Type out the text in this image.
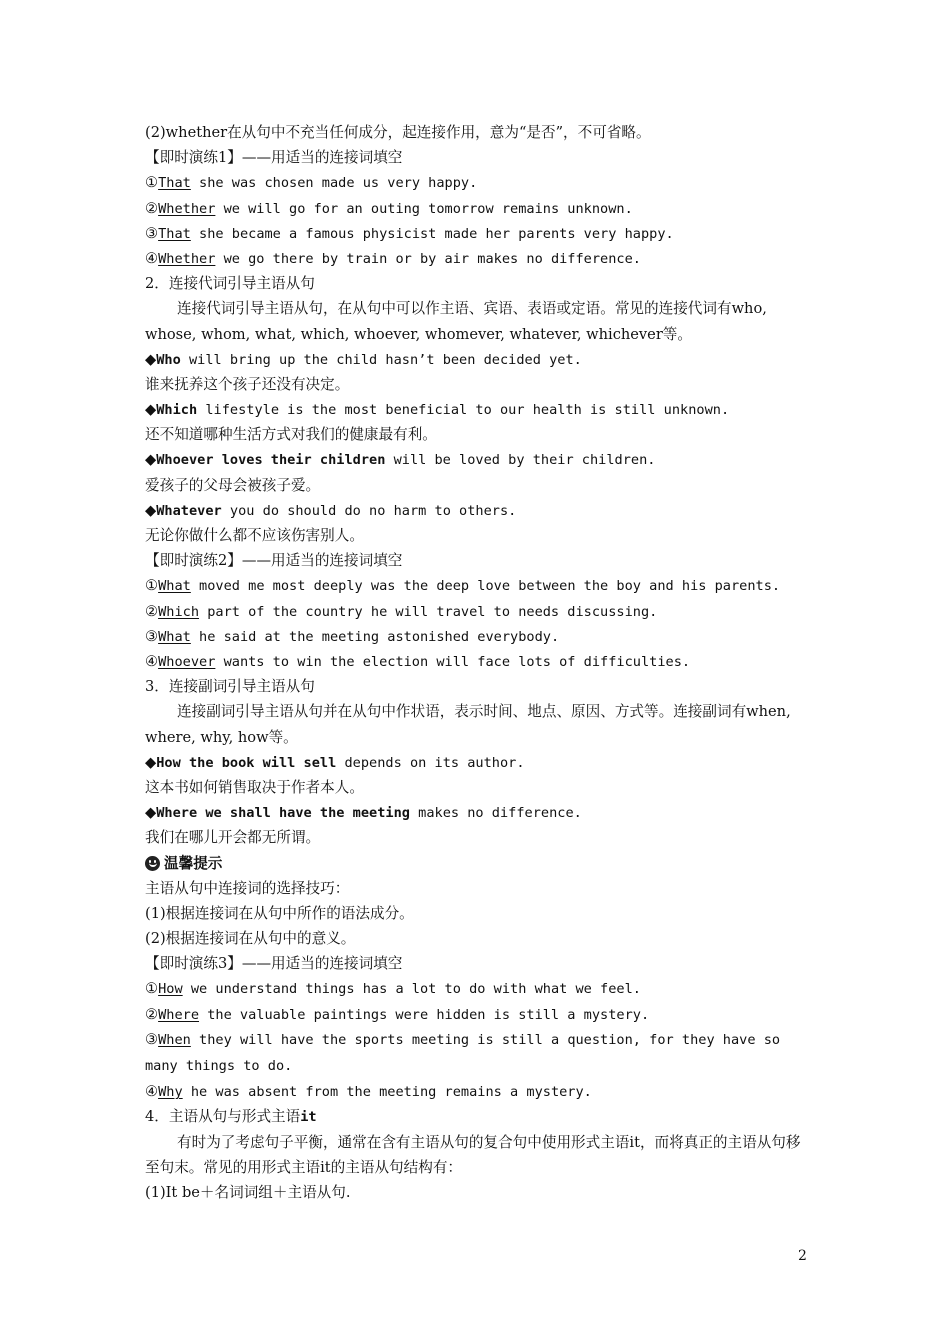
(2)whether在从句中不充当任何成分，起连接作用，意为“是否”，不可省略。
【即时演练1】——用适当的连接词填空
①That she was chosen made us very happy.
②Whether we will go for an outing tomorrow remains unknown.
③That she became a famous physicist made her parents very happy.
④Whether we go there by train or by air makes no difference.
2．连接代词引导主语从句
连接代词引导主语从句，在从句中可以作主语、宾语、表语或定语。常见的连接代词有who, whose, whom, what, which, whoever, whomever, whatever, whichever等。
◆Who will bring up the child hasn’t been decided yet.
谁来抚养这个孩子还没有决定。
◆Which lifestyle is the most beneficial to our health is still unknown.
还不知道哪种生活方式对我们的健康最有利。
◆Whoever loves their children will be loved by their children.
爱孩子的父母会被孩子爱。
◆Whatever you do should do no harm to others.
无论你做什么都不应该伤害别人。
【即时演练2】——用适当的连接词填空
①What moved me most deeply was the deep love between the boy and his parents.
②Which part of the country he will travel to needs discussing.
③What he said at the meeting astonished everybody.
④Whoever wants to win the election will face lots of difficulties.
3．连接副词引导主语从句
连接副词引导主语从句并在从句中作状语，表示时间、地点、原因、方式等。连接副词有when, where, why, how等。
◆How the book will sell depends on its author.
这本书如何销售取决于作者本人。
◆Where we shall have the meeting makes no difference.
我们在哪儿开会都无所谓。
温馨提示
主语从句中连接词的选择技巧：
(1)根据连接词在从句中所作的语法成分。
(2)根据连接词在从句中的意义。
【即时演练3】——用适当的连接词填空
①How we understand things has a lot to do with what we feel.
②Where the valuable paintings were hidden is still a mystery.
③When they will have the sports meeting is still a question, for they have so many things to do.
④Why he was absent from the meeting remains a mystery.
4．主语从句与形式主语it
有时为了考虑句子平衡，通常在含有主语从句的复合句中使用形式主语it，而将真正的主语从句移至句末。常见的用形式主语it的主语从句结构有：
(1)It be＋名词词组＋主语从句.
2
